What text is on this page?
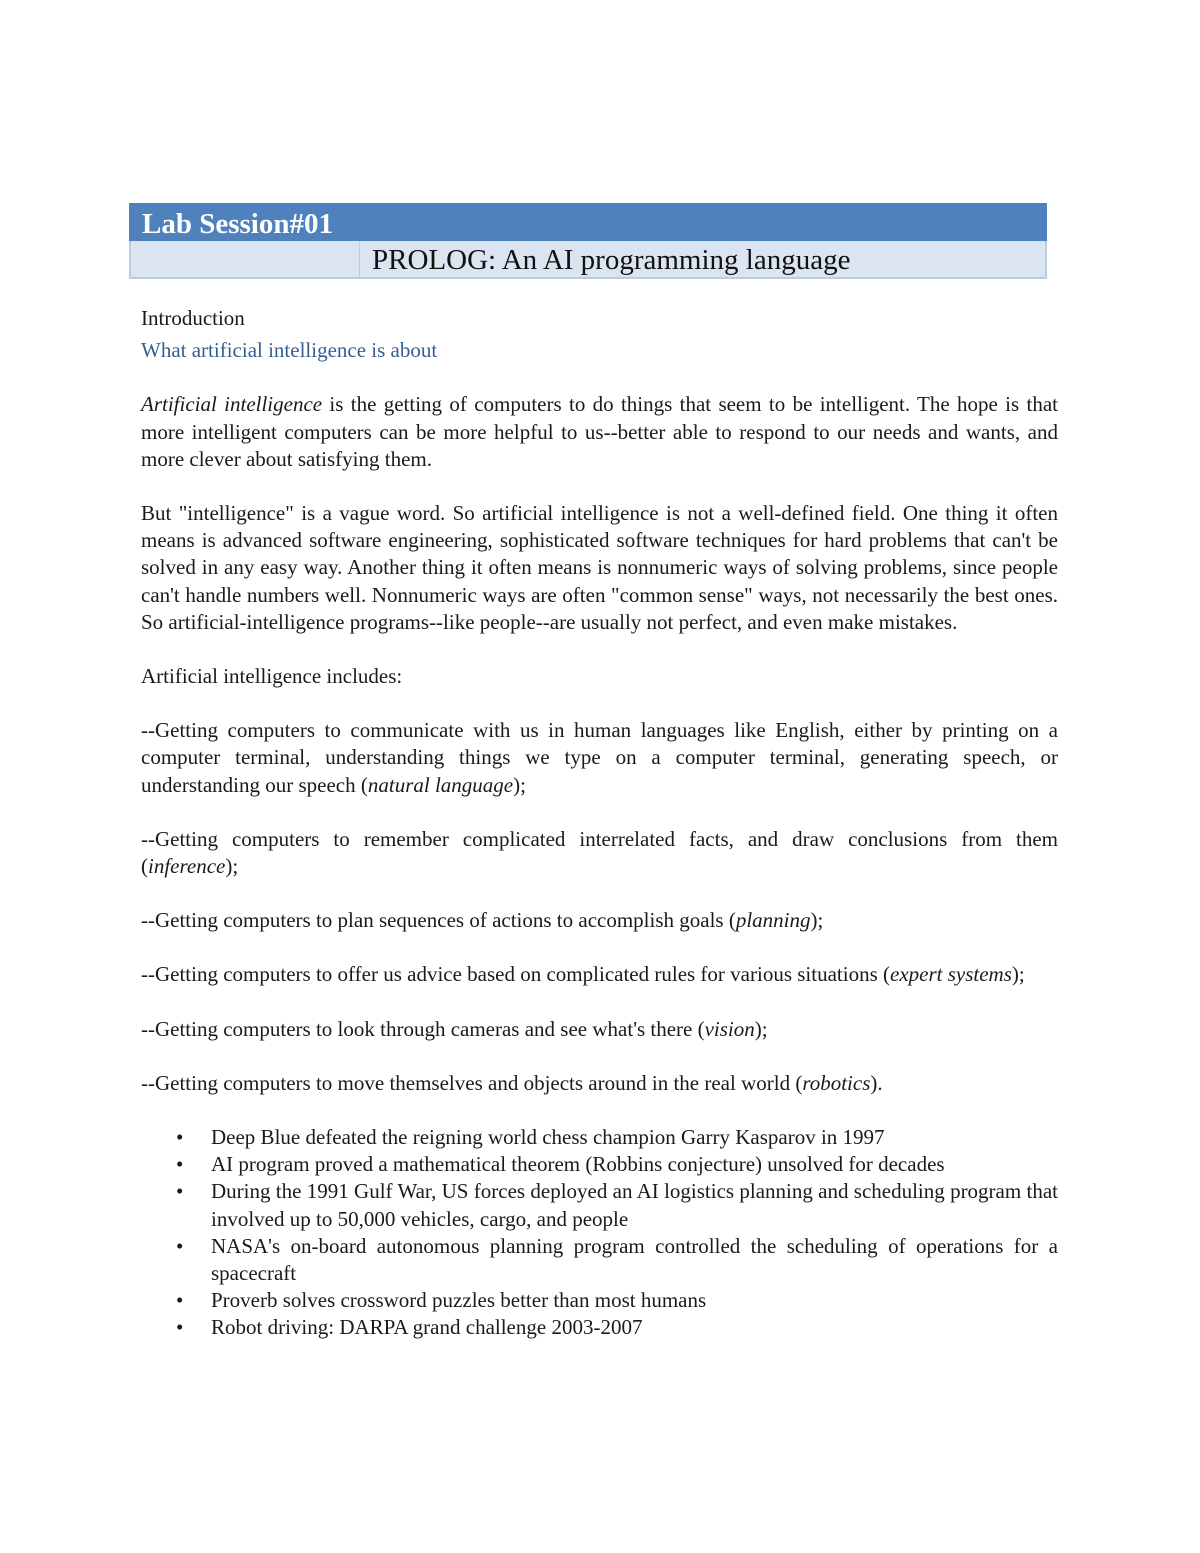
Lab Session#01
PROLOG: An AI programming language

Introduction

What artificial intelligence is about

Artificial intelligence is the getting of computers to do things that seem to be intelligent. The hope is that more intelligent computers can be more helpful to us--better able to respond to our needs and wants, and more clever about satisfying them.

But "intelligence" is a vague word. So artificial intelligence is not a well-defined field. One thing it often means is advanced software engineering, sophisticated software techniques for hard problems that can't be solved in any easy way. Another thing it often means is nonnumeric ways of solving problems, since people can't handle numbers well. Nonnumeric ways are often "common sense" ways, not necessarily the best ones. So artificial-intelligence programs--like people--are usually not perfect, and even make mistakes.

Artificial intelligence includes:

--Getting computers to communicate with us in human languages like English, either by printing on a computer terminal, understanding things we type on a computer terminal, generating speech, or understanding our speech (natural language);

--Getting computers to remember complicated interrelated facts, and draw conclusions from them (inference);

--Getting computers to plan sequences of actions to accomplish goals (planning);

--Getting computers to offer us advice based on complicated rules for various situations (expert systems);

--Getting computers to look through cameras and see what's there (vision);

--Getting computers to move themselves and objects around in the real world (robotics).

• Deep Blue defeated the reigning world chess champion Garry Kasparov in 1997
• AI program proved a mathematical theorem (Robbins conjecture) unsolved for decades
• During the 1991 Gulf War, US forces deployed an AI logistics planning and scheduling program that involved up to 50,000 vehicles, cargo, and people
• NASA's on-board autonomous planning program controlled the scheduling of operations for a spacecraft
• Proverb solves crossword puzzles better than most humans
• Robot driving: DARPA grand challenge 2003-2007
